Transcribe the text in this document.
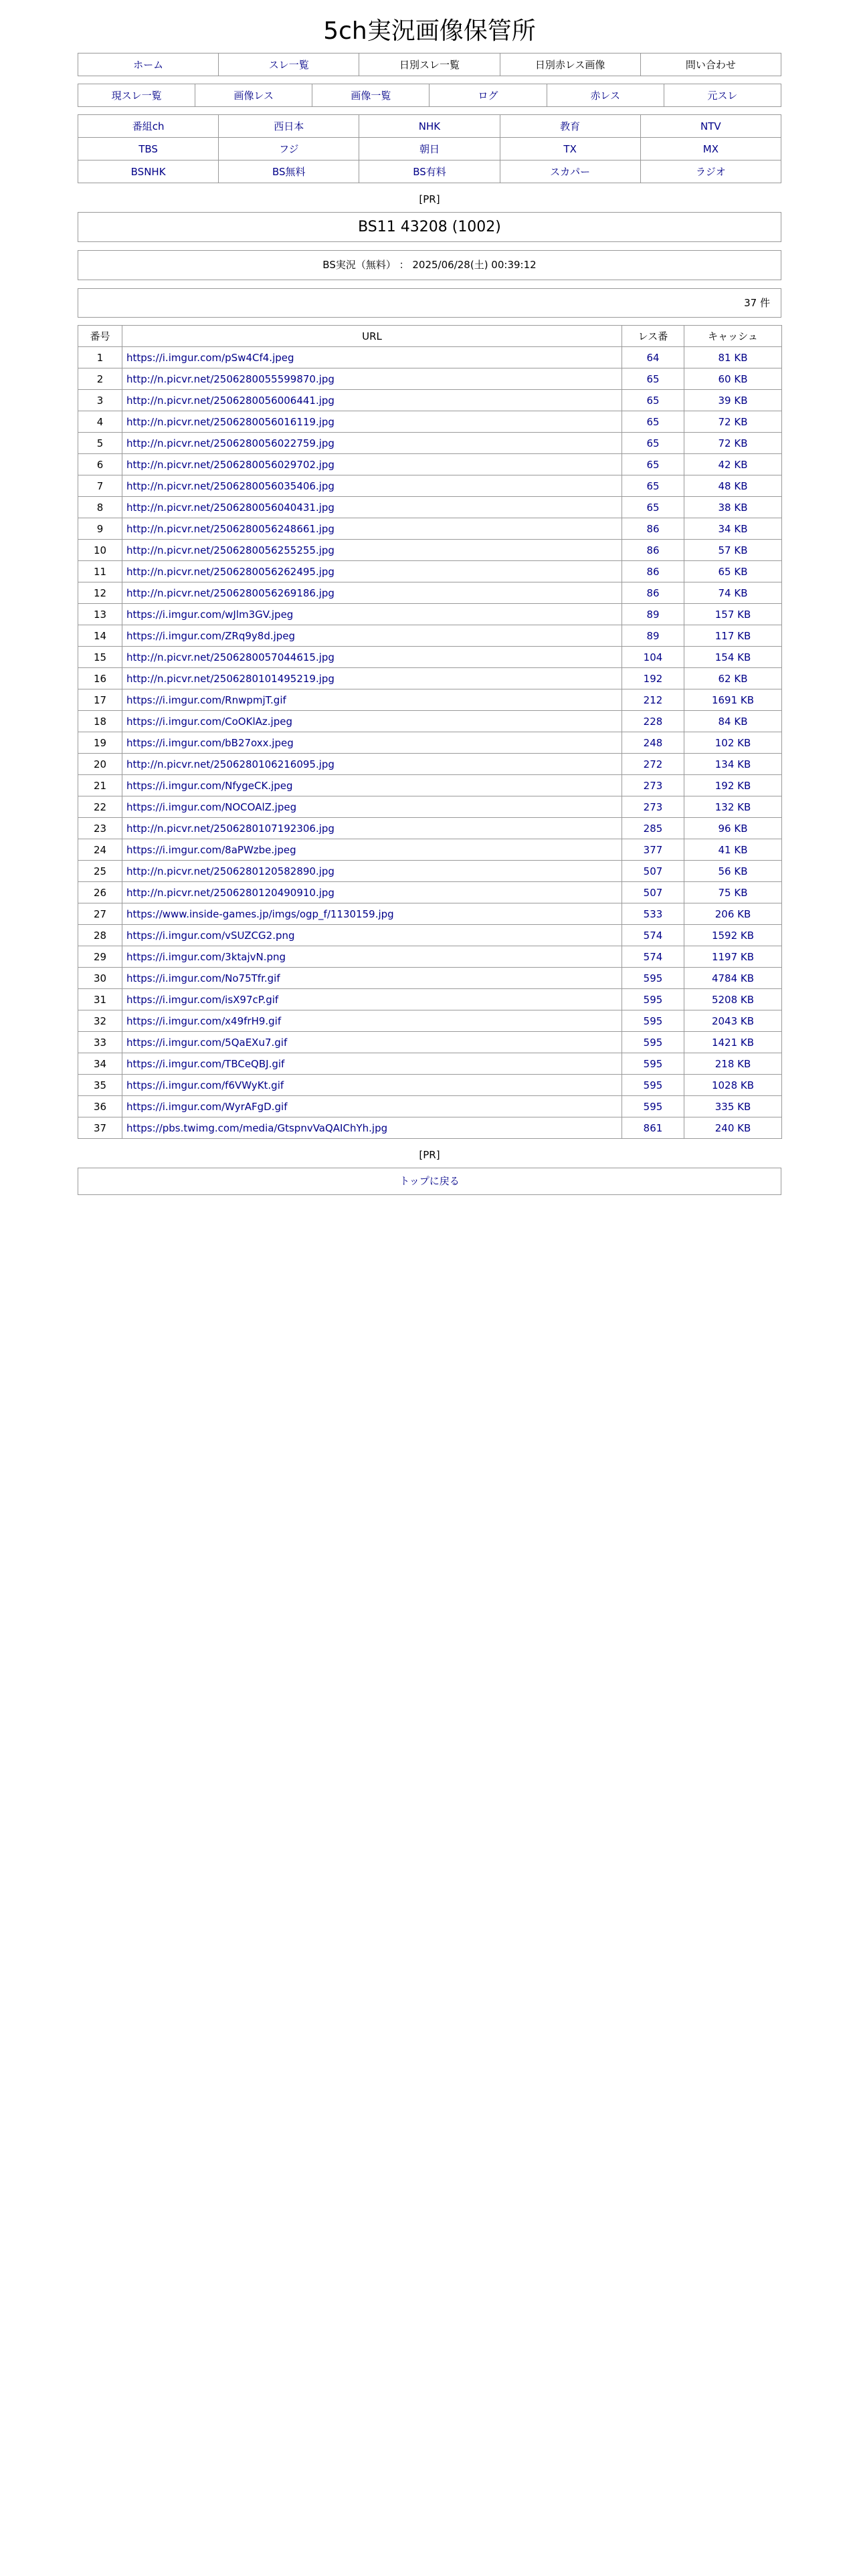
5ch実況画像保管所
ホーム	スレ一覧	日別スレ一覧	日別赤レス画像	問い合わせ
現スレ一覧	画像レス	画像一覧	ログ	赤レス	元スレ
番組ch	西日本	NHK	教育	NTV
TBS	フジ	朝日	TX	MX
BSNHK	BS無料	BS有料	スカパー	ラジオ
[PR]
BS11 43208 (1002)
BS実況（無料） ： 2025/06/28(土) 00:39:12
37 件
番号	URL	レス番	キャッシュ
1	https://i.imgur.com/pSw4Cf4.jpeg	64	81 KB
2	http://n.picvr.net/2506280055599870.jpg	65	60 KB
3	http://n.picvr.net/2506280056006441.jpg	65	39 KB
4	http://n.picvr.net/2506280056016119.jpg	65	72 KB
5	http://n.picvr.net/2506280056022759.jpg	65	72 KB
6	http://n.picvr.net/2506280056029702.jpg	65	42 KB
7	http://n.picvr.net/2506280056035406.jpg	65	48 KB
8	http://n.picvr.net/2506280056040431.jpg	65	38 KB
9	http://n.picvr.net/2506280056248661.jpg	86	34 KB
10	http://n.picvr.net/2506280056255255.jpg	86	57 KB
11	http://n.picvr.net/2506280056262495.jpg	86	65 KB
12	http://n.picvr.net/2506280056269186.jpg	86	74 KB
13	https://i.imgur.com/wJlm3GV.jpeg	89	157 KB
14	https://i.imgur.com/ZRq9y8d.jpeg	89	117 KB
15	http://n.picvr.net/2506280057044615.jpg	104	154 KB
16	http://n.picvr.net/2506280101495219.jpg	192	62 KB
17	https://i.imgur.com/RnwpmjT.gif	212	1691 KB
18	https://i.imgur.com/CoOKlAz.jpeg	228	84 KB
19	https://i.imgur.com/bB27oxx.jpeg	248	102 KB
20	http://n.picvr.net/2506280106216095.jpg	272	134 KB
21	https://i.imgur.com/NfygeCK.jpeg	273	192 KB
22	https://i.imgur.com/NOCOAlZ.jpeg	273	132 KB
23	http://n.picvr.net/2506280107192306.jpg	285	96 KB
24	https://i.imgur.com/8aPWzbe.jpeg	377	41 KB
25	http://n.picvr.net/2506280120582890.jpg	507	56 KB
26	http://n.picvr.net/2506280120490910.jpg	507	75 KB
27	https://www.inside-games.jp/imgs/ogp_f/1130159.jpg	533	206 KB
28	https://i.imgur.com/vSUZCG2.png	574	1592 KB
29	https://i.imgur.com/3ktajvN.png	574	1197 KB
30	https://i.imgur.com/No75Tfr.gif	595	4784 KB
31	https://i.imgur.com/isX97cP.gif	595	5208 KB
32	https://i.imgur.com/x49frH9.gif	595	2043 KB
33	https://i.imgur.com/5QaEXu7.gif	595	1421 KB
34	https://i.imgur.com/TBCeQBJ.gif	595	218 KB
35	https://i.imgur.com/f6VWyKt.gif	595	1028 KB
36	https://i.imgur.com/WyrAFgD.gif	595	335 KB
37	https://pbs.twimg.com/media/GtspnvVaQAIChYh.jpg	861	240 KB
[PR]
トップに戻る
